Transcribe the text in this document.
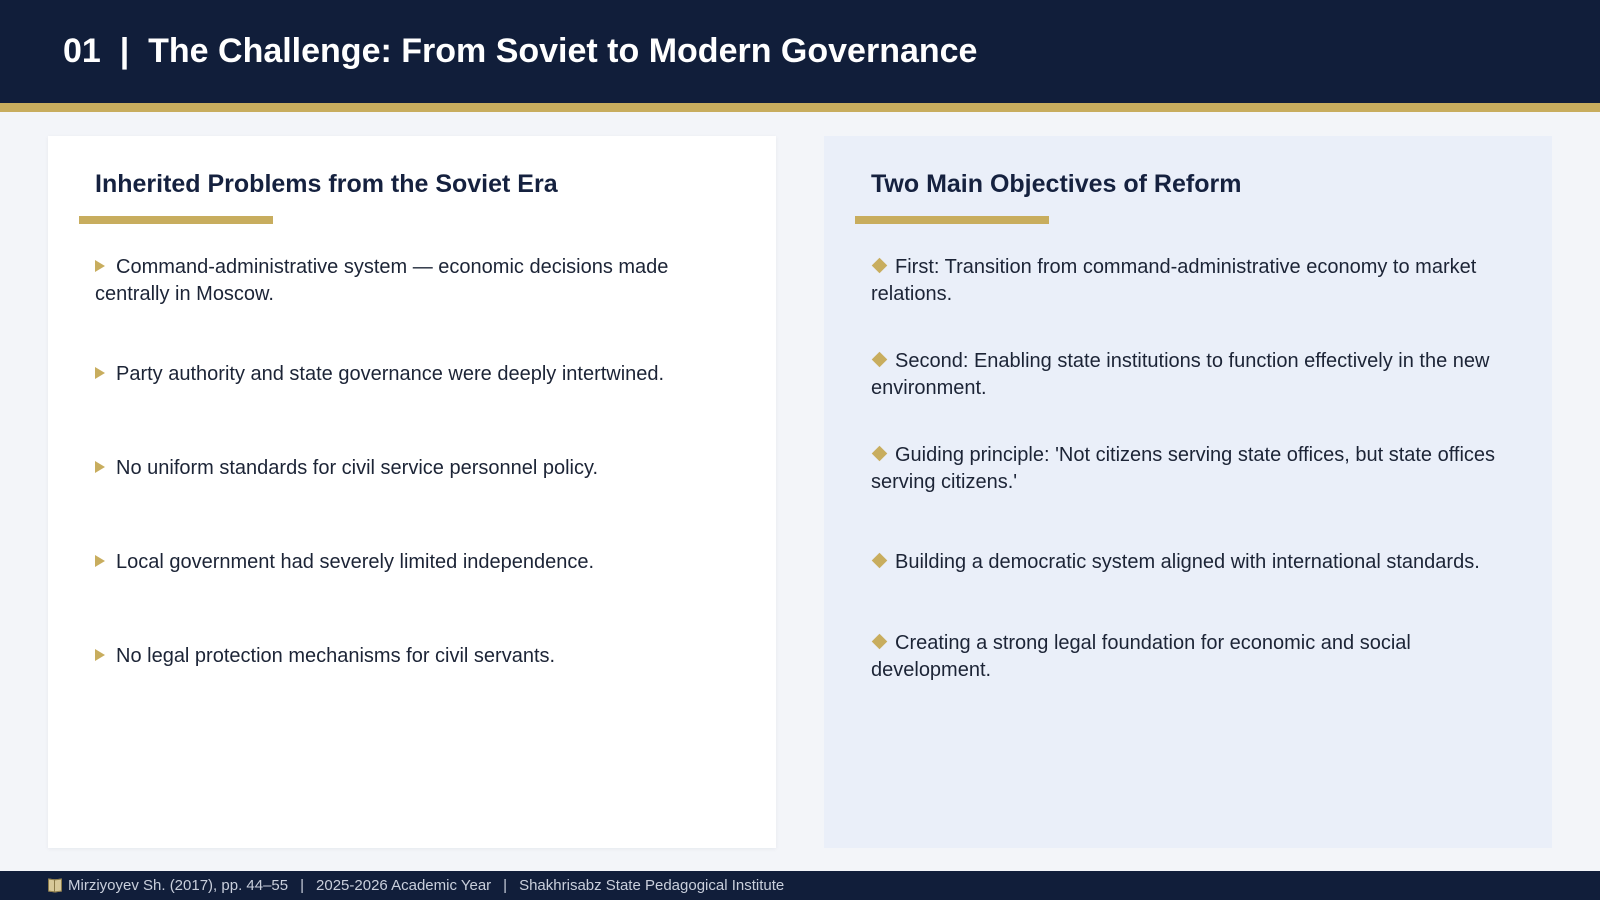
01  |  The Challenge: From Soviet to Modern Governance
Inherited Problems from the Soviet Era
Command-administrative system — economic decisions made centrally in Moscow.
Party authority and state governance were deeply intertwined.
No uniform standards for civil service personnel policy.
Local government had severely limited independence.
No legal protection mechanisms for civil servants.
Two Main Objectives of Reform
First: Transition from command-administrative economy to market relations.
Second: Enabling state institutions to function effectively in the new environment.
Guiding principle: 'Not citizens serving state offices, but state offices serving citizens.'
Building a democratic system aligned with international standards.
Creating a strong legal foundation for economic and social development.
Mirziyoyev Sh. (2017), pp. 44–55 | 2025-2026 Academic Year | Shakhrisabz State Pedagogical Institute
